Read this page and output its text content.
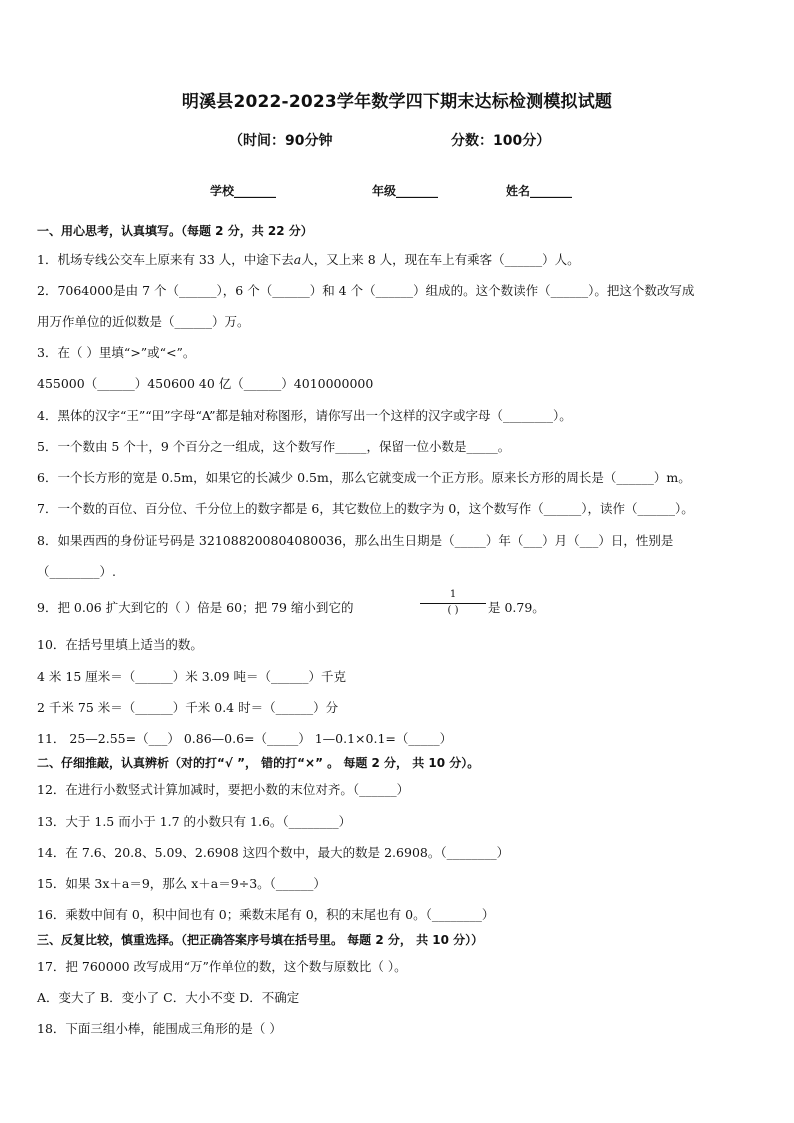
明溪县2022-2023学年数学四下期末达标检测模拟试题
（时间：90分钟	分数：100分）
学校_______	年级_______	姓名_______
一、用心思考，认真填写。（每题 2 分，共 22 分）
1．机场专线公交车上原来有 33 人，中途下去𝑎人，又上来 8 人，现在车上有乘客（______）人。
2．7064000是由 7 个（______），6 个（______）和 4 个（______）组成的。这个数读作（______）。把这个数改写成
用万作单位的近似数是（______）万。
3．在（ ）里填“>”或“<”。
455000（______）450600 40 亿（______）4010000000
4．黑体的汉字“王”“田”字母“A”都是轴对称图形，请你写出一个这样的汉字或字母（________）。
5．一个数由 5 个十，9 个百分之一组成，这个数写作_____，保留一位小数是_____。
6．一个长方形的宽是 0.5m，如果它的长减少 0.5m，那么它就变成一个正方形。原来长方形的周长是（______）m。
7．一个数的百位、百分位、千分位上的数字都是 6，其它数位上的数字为 0，这个数写作（______），读作（______）。
8．如果西西的身份证号码是 321088200804080036，那么出生日期是（_____）年（___）月（___）日，性别是
（________）.
9．把 0.06 扩大到它的（ ）倍是 60；把 79 缩小到它的
1
( )	是 0.79。
10．在括号里填上适当的数。
4 米 15 厘米＝（______）米 3.09 吨＝（______）千克
2 千米 75 米＝（______）千米 0.4 时＝（______）分
11． 25—2.55=（___） 0.86—0.6=（_____） 1—0.1×0.1=（_____）
二、仔细推敲，认真辨析（对的打“√ ”， 错的打“×” 。 每题 2 分， 共 10 分）。
12．在进行小数竖式计算加减时，要把小数的末位对齐。（______）
13．大于 1.5 而小于 1.7 的小数只有 1.6。（________）
14．在 7.6、20.8、5.09、2.6908 这四个数中，最大的数是 2.6908。（________）
15．如果 3x＋a＝9，那么 x＋a＝9÷3。（______）
16．乘数中间有 0，积中间也有 0；乘数末尾有 0，积的末尾也有 0。（________）
三、反复比较，慎重选择。（把正确答案序号填在括号里。 每题 2 分， 共 10 分））
17．把 760000 改写成用“万”作单位的数，这个数与原数比（ ）。
A．变大了 B．变小了 C．大小不变 D．不确定
18．下面三组小棒，能围成三角形的是（ ）
